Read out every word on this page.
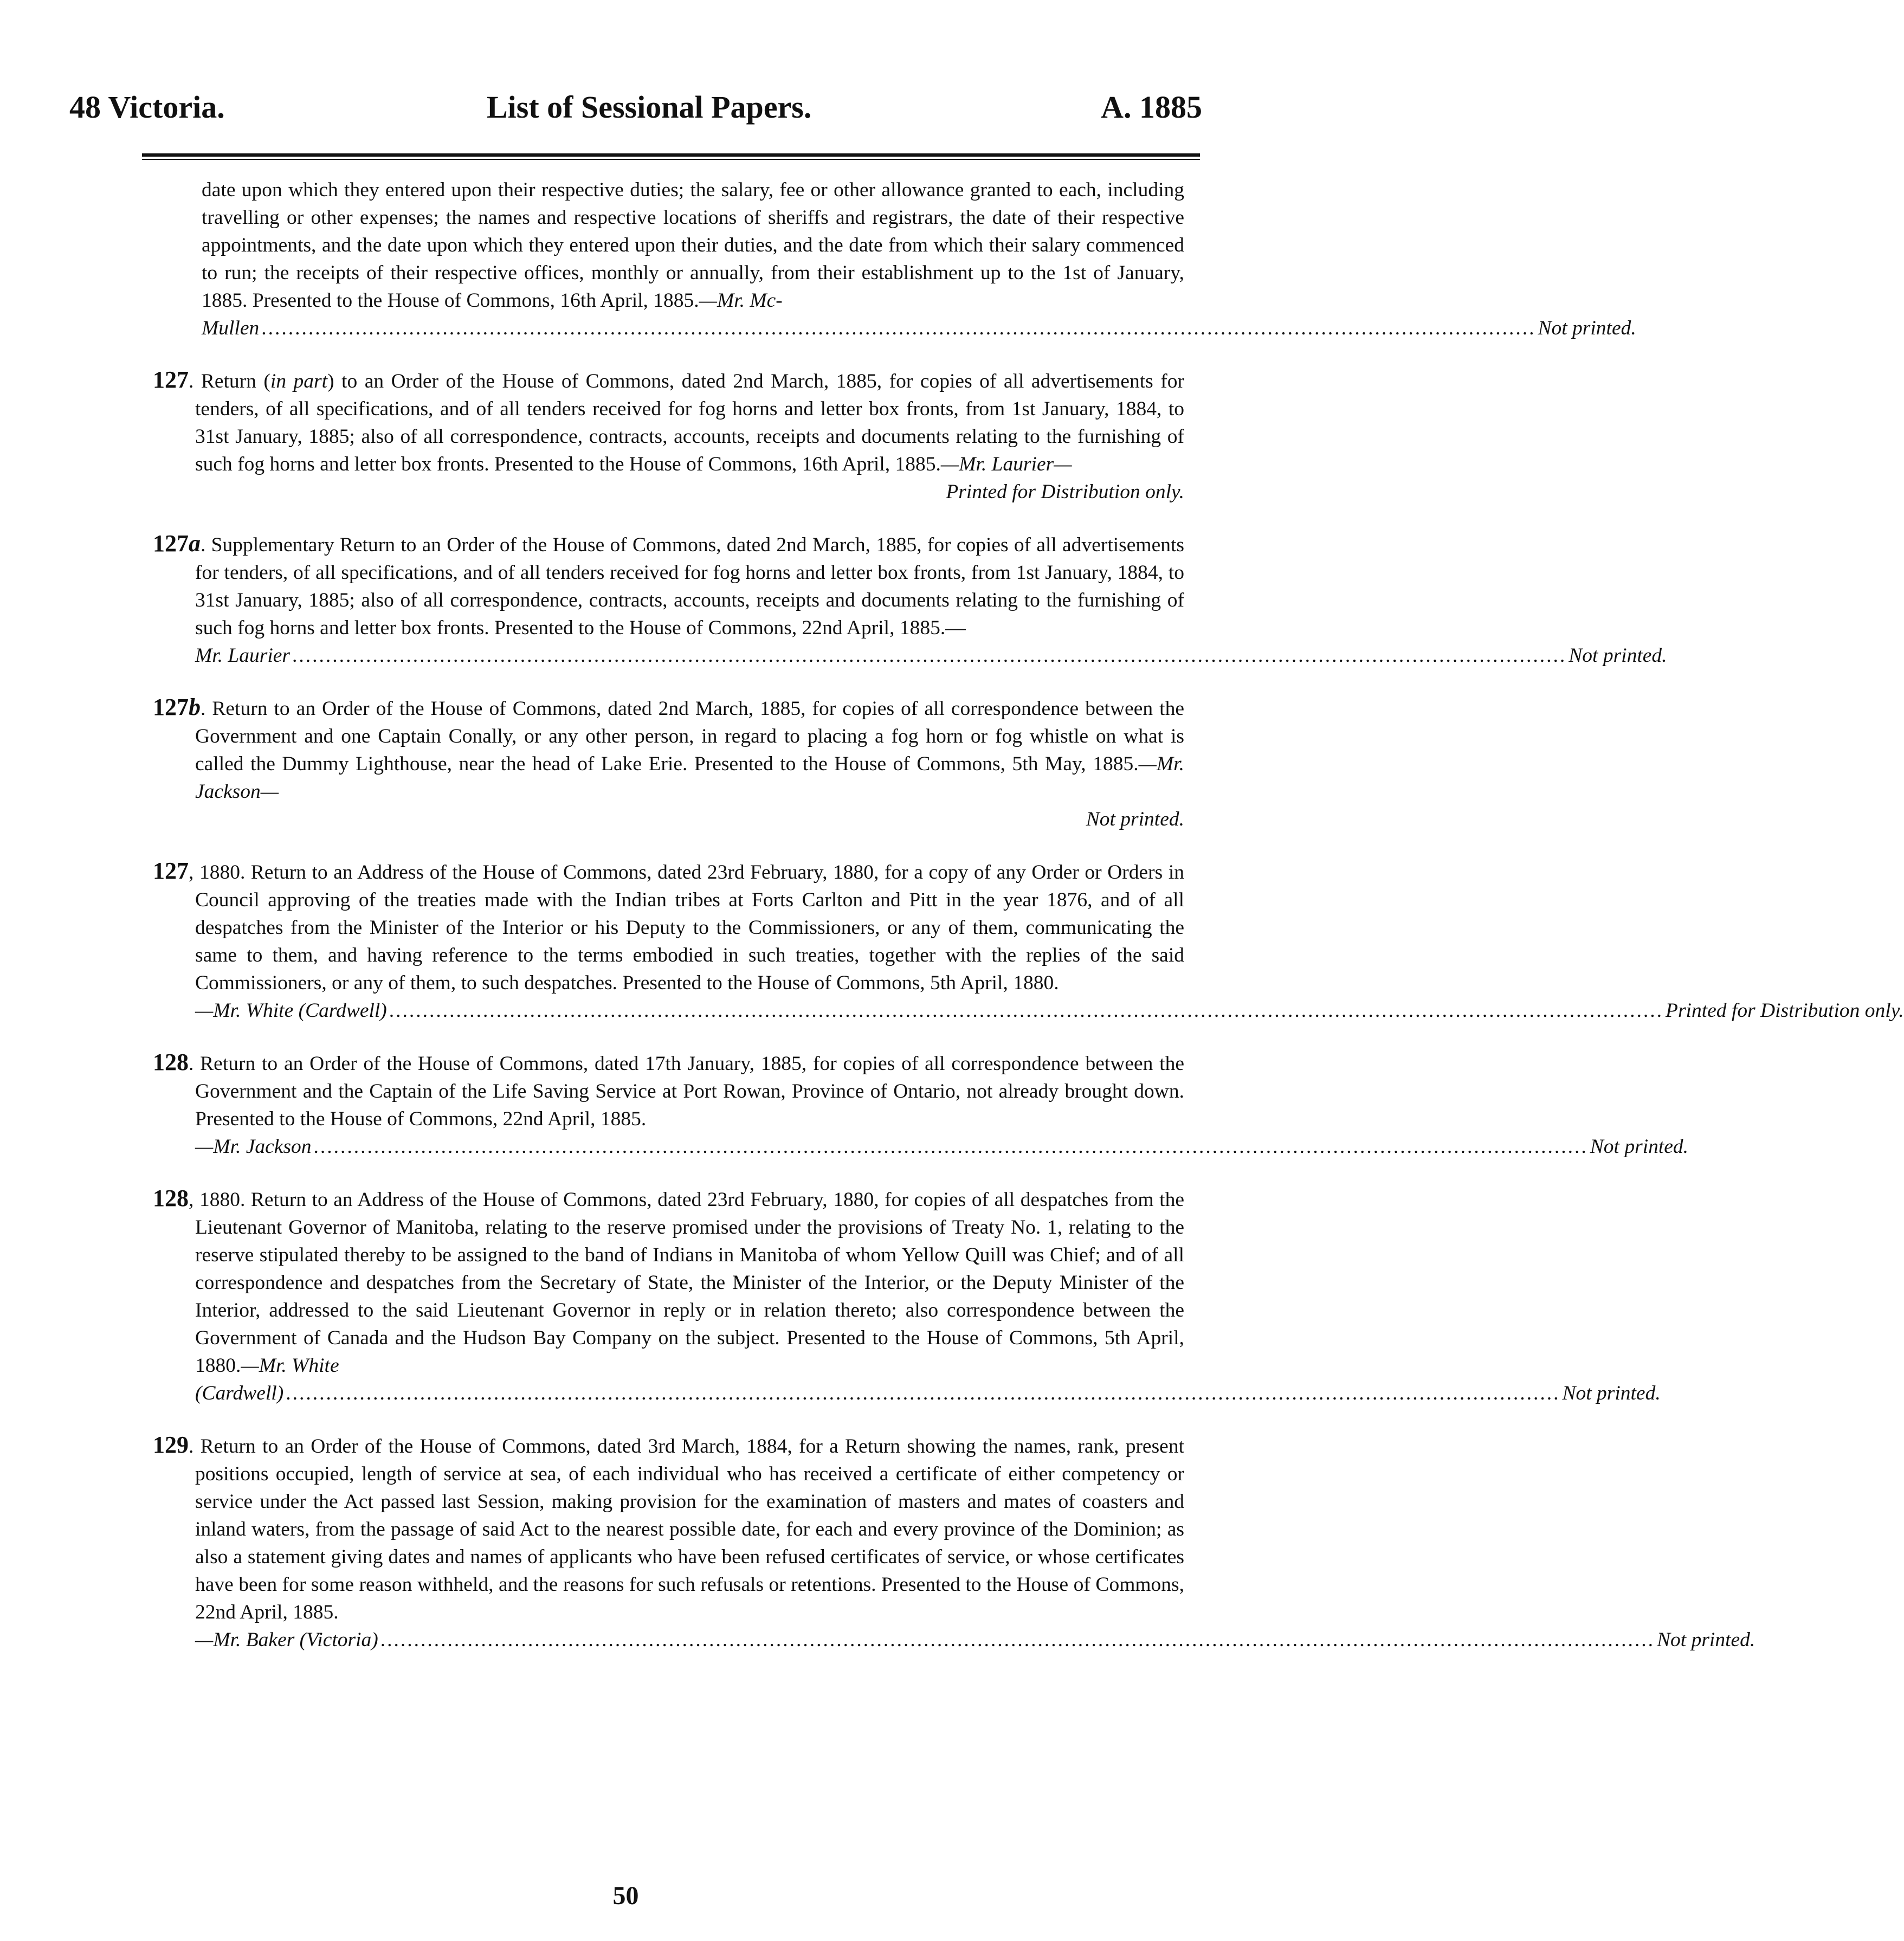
48 Victoria.	List of Sessional Papers.	A. 1885
date upon which they entered upon their respective duties; the salary, fee or other allowance granted to each, including travelling or other expenses; the names and respective locations of sheriffs and registrars, the date of their respective appointments, and the date upon which they entered upon their duties, and the date from which their salary commenced to run; the receipts of their respective offices, monthly or annually, from their establishment up to the 1st of January, 1885. Presented to the House of Commons, 16th April, 1885.—Mr. Mc-
Mullen .............................................................................................................................................................................................. Not printed.
127. Return (in part) to an Order of the House of Commons, dated 2nd March, 1885, for copies of all advertisements for tenders, of all specifications, and of all tenders received for fog horns and letter box fronts, from 1st January, 1884, to 31st January, 1885; also of all correspondence, contracts, accounts, receipts and documents relating to the furnishing of such fog horns and letter box fronts. Presented to the House of Commons, 16th April, 1885.—Mr. Laurier—
Printed for Distribution only.
127a. Supplementary Return to an Order of the House of Commons, dated 2nd March, 1885, for copies of all advertisements for tenders, of all specifications, and of all tenders received for fog horns and letter box fronts, from 1st January, 1884, to 31st January, 1885; also of all correspondence, contracts, accounts, receipts and documents relating to the furnishing of such fog horns and letter box fronts. Presented to the House of Commons, 22nd April, 1885.—
Mr. Laurier .............................................................................................................................................................................................. Not printed.
127b. Return to an Order of the House of Commons, dated 2nd March, 1885, for copies of all correspondence between the Government and one Captain Conally, or any other person, in regard to placing a fog horn or fog whistle on what is called the Dummy Lighthouse, near the head of Lake Erie. Presented to the House of Commons, 5th May, 1885.—Mr. Jackson—
Not printed.
127, 1880. Return to an Address of the House of Commons, dated 23rd February, 1880, for a copy of any Order or Orders in Council approving of the treaties made with the Indian tribes at Forts Carlton and Pitt in the year 1876, and of all despatches from the Minister of the Interior or his Deputy to the Commissioners, or any of them, communicating the same to them, and having reference to the terms embodied in such treaties, together with the replies of the said Commissioners, or any of them, to such despatches. Presented to the House of Commons, 5th April, 1880.
—Mr. White (Cardwell) .............................................................................................................................................................................................. Printed for Distribution only.
128. Return to an Order of the House of Commons, dated 17th January, 1885, for copies of all correspondence between the Government and the Captain of the Life Saving Service at Port Rowan, Province of Ontario, not already brought down. Presented to the House of Commons, 22nd April, 1885.
—Mr. Jackson .............................................................................................................................................................................................. Not printed.
128, 1880. Return to an Address of the House of Commons, dated 23rd February, 1880, for copies of all despatches from the Lieutenant Governor of Manitoba, relating to the reserve promised under the provisions of Treaty No. 1, relating to the reserve stipulated thereby to be assigned to the band of Indians in Manitoba of whom Yellow Quill was Chief; and of all correspondence and despatches from the Secretary of State, the Minister of the Interior, or the Deputy Minister of the Interior, addressed to the said Lieutenant Governor in reply or in relation thereto; also correspondence between the Government of Canada and the Hudson Bay Company on the subject. Presented to the House of Commons, 5th April, 1880.—Mr. White
(Cardwell) .............................................................................................................................................................................................. Not printed.
129. Return to an Order of the House of Commons, dated 3rd March, 1884, for a Return showing the names, rank, present positions occupied, length of service at sea, of each individual who has received a certificate of either competency or service under the Act passed last Session, making provision for the examination of masters and mates of coasters and inland waters, from the passage of said Act to the nearest possible date, for each and every province of the Dominion; as also a statement giving dates and names of applicants who have been refused certificates of service, or whose certificates have been for some reason withheld, and the reasons for such refusals or retentions. Presented to the House of Commons, 22nd April, 1885.
—Mr. Baker (Victoria) .............................................................................................................................................................................................. Not printed.
50
